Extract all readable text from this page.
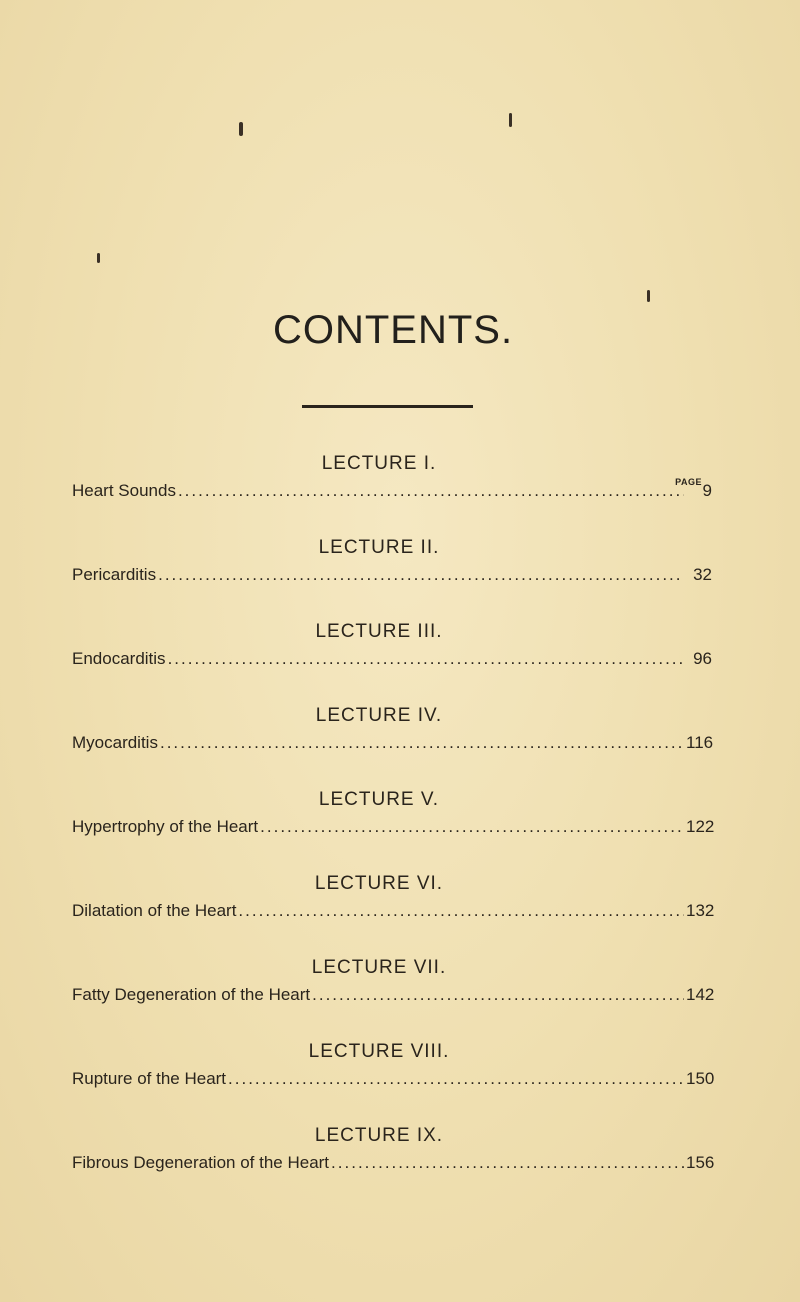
CONTENTS.
PAGE
LECTURE I.
Heart Sounds .....	9
LECTURE II.
Pericarditis .....	32
LECTURE III.
Endocarditis .....	96
LECTURE IV.
Myocarditis .....	116
LECTURE V.
Hypertrophy of the Heart .....	122
LECTURE VI.
Dilatation of the Heart .....	132
LECTURE VII.
Fatty Degeneration of the Heart .....	142
LECTURE VIII.
Rupture of the Heart .....	150
LECTURE IX.
Fibrous Degeneration of the Heart .....	156
